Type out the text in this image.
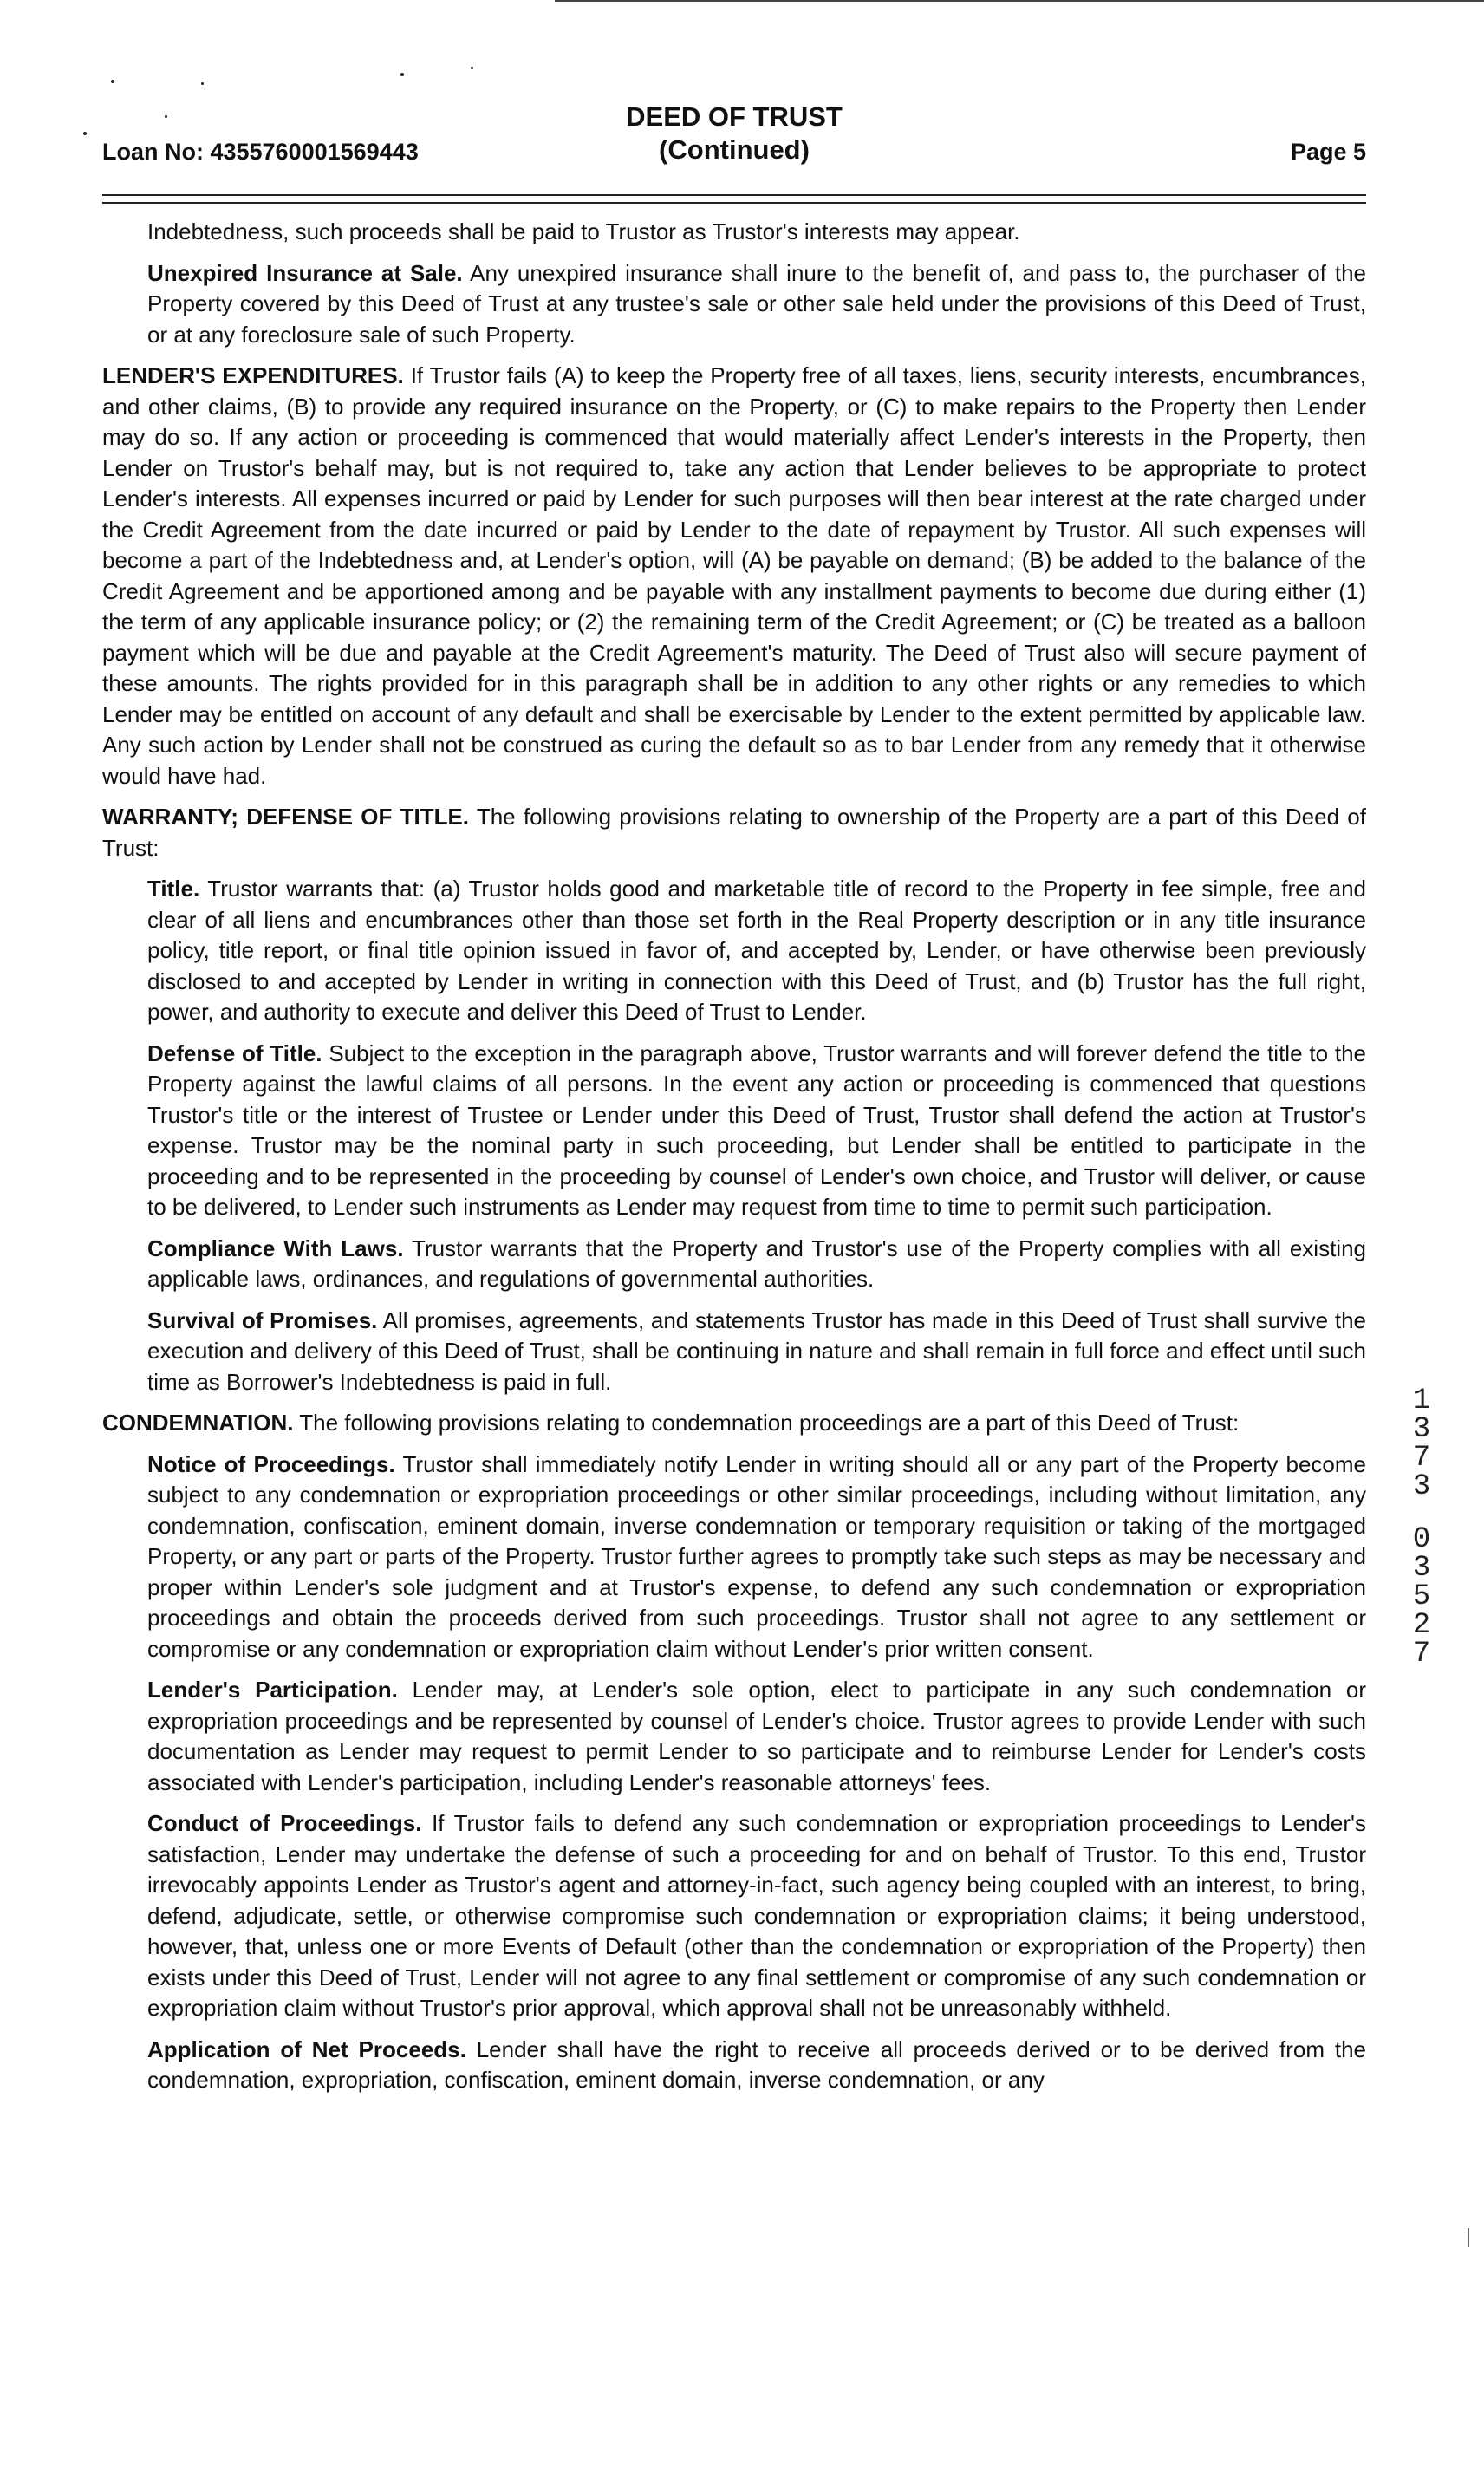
Loan No: 4355760001569443
DEED OF TRUST
(Continued)	Page 5

Indebtedness, such proceeds shall be paid to Trustor as Trustor's interests may appear.

Unexpired Insurance at Sale. Any unexpired insurance shall inure to the benefit of, and pass to, the purchaser of the Property covered by this Deed of Trust at any trustee's sale or other sale held under the provisions of this Deed of Trust, or at any foreclosure sale of such Property.

LENDER'S EXPENDITURES. If Trustor fails (A) to keep the Property free of all taxes, liens, security interests, encumbrances, and other claims, (B) to provide any required insurance on the Property, or (C) to make repairs to the Property then Lender may do so. If any action or proceeding is commenced that would materially affect Lender's interests in the Property, then Lender on Trustor's behalf may, but is not required to, take any action that Lender believes to be appropriate to protect Lender's interests. All expenses incurred or paid by Lender for such purposes will then bear interest at the rate charged under the Credit Agreement from the date incurred or paid by Lender to the date of repayment by Trustor. All such expenses will become a part of the Indebtedness and, at Lender's option, will (A) be payable on demand; (B) be added to the balance of the Credit Agreement and be apportioned among and be payable with any installment payments to become due during either (1) the term of any applicable insurance policy; or (2) the remaining term of the Credit Agreement; or (C) be treated as a balloon payment which will be due and payable at the Credit Agreement's maturity. The Deed of Trust also will secure payment of these amounts. The rights provided for in this paragraph shall be in addition to any other rights or any remedies to which Lender may be entitled on account of any default and shall be exercisable by Lender to the extent permitted by applicable law. Any such action by Lender shall not be construed as curing the default so as to bar Lender from any remedy that it otherwise would have had.

WARRANTY; DEFENSE OF TITLE. The following provisions relating to ownership of the Property are a part of this Deed of Trust:

Title. Trustor warrants that: (a) Trustor holds good and marketable title of record to the Property in fee simple, free and clear of all liens and encumbrances other than those set forth in the Real Property description or in any title insurance policy, title report, or final title opinion issued in favor of, and accepted by, Lender, or have otherwise been previously disclosed to and accepted by Lender in writing in connection with this Deed of Trust, and (b) Trustor has the full right, power, and authority to execute and deliver this Deed of Trust to Lender.

Defense of Title. Subject to the exception in the paragraph above, Trustor warrants and will forever defend the title to the Property against the lawful claims of all persons. In the event any action or proceeding is commenced that questions Trustor's title or the interest of Trustee or Lender under this Deed of Trust, Trustor shall defend the action at Trustor's expense. Trustor may be the nominal party in such proceeding, but Lender shall be entitled to participate in the proceeding and to be represented in the proceeding by counsel of Lender's own choice, and Trustor will deliver, or cause to be delivered, to Lender such instruments as Lender may request from time to time to permit such participation.

Compliance With Laws. Trustor warrants that the Property and Trustor's use of the Property complies with all existing applicable laws, ordinances, and regulations of governmental authorities.

Survival of Promises. All promises, agreements, and statements Trustor has made in this Deed of Trust shall survive the execution and delivery of this Deed of Trust, shall be continuing in nature and shall remain in full force and effect until such time as Borrower's Indebtedness is paid in full.

CONDEMNATION. The following provisions relating to condemnation proceedings are a part of this Deed of Trust:

Notice of Proceedings. Trustor shall immediately notify Lender in writing should all or any part of the Property become subject to any condemnation or expropriation proceedings or other similar proceedings, including without limitation, any condemnation, confiscation, eminent domain, inverse condemnation or temporary requisition or taking of the mortgaged Property, or any part or parts of the Property. Trustor further agrees to promptly take such steps as may be necessary and proper within Lender's sole judgment and at Trustor's expense, to defend any such condemnation or expropriation proceedings and obtain the proceeds derived from such proceedings. Trustor shall not agree to any settlement or compromise or any condemnation or expropriation claim without Lender's prior written consent.

Lender's Participation. Lender may, at Lender's sole option, elect to participate in any such condemnation or expropriation proceedings and be represented by counsel of Lender's choice. Trustor agrees to provide Lender with such documentation as Lender may request to permit Lender to so participate and to reimburse Lender for Lender's costs associated with Lender's participation, including Lender's reasonable attorneys' fees.

Conduct of Proceedings. If Trustor fails to defend any such condemnation or expropriation proceedings to Lender's satisfaction, Lender may undertake the defense of such a proceeding for and on behalf of Trustor. To this end, Trustor irrevocably appoints Lender as Trustor's agent and attorney-in-fact, such agency being coupled with an interest, to bring, defend, adjudicate, settle, or otherwise compromise such condemnation or expropriation claims; it being understood, however, that, unless one or more Events of Default (other than the condemnation or expropriation of the Property) then exists under this Deed of Trust, Lender will not agree to any final settlement or compromise of any such condemnation or expropriation claim without Trustor's prior approval, which approval shall not be unreasonably withheld.

Application of Net Proceeds. Lender shall have the right to receive all proceeds derived or to be derived from the condemnation, expropriation, confiscation, eminent domain, inverse condemnation, or any

1
3
7
3
0
3
5
2
7
